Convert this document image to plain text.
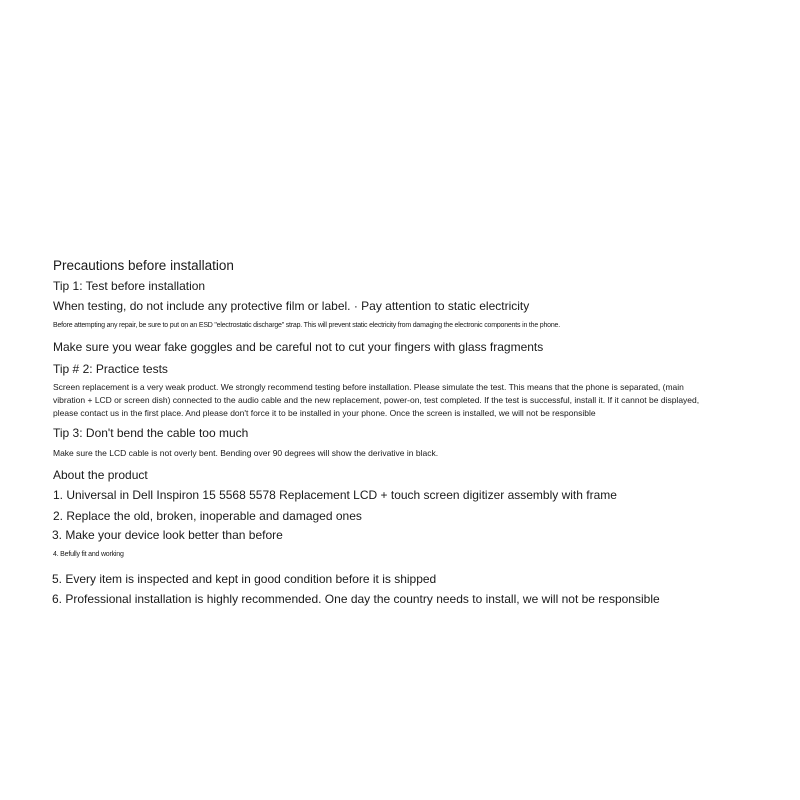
Precautions before installation
Tip 1: Test before installation
When testing, do not include any protective film or label. · Pay attention to static electricity
Before attempting any repair, be sure to put on an ESD "electrostatic discharge" strap. This will prevent static electricity from damaging the electronic components in the phone.
Make sure you wear fake goggles and be careful not to cut your fingers with glass fragments
Tip # 2: Practice tests
Screen replacement is a very weak product. We strongly recommend testing before installation. Please simulate the test. This means that the phone is separated, (main vibration + LCD or screen dish) connected to the audio cable and the new replacement, power-on, test completed. If the test is successful, install it. If it cannot be displayed, please contact us in the first place. And please don't force it to be installed in your phone. Once the screen is installed, we will not be responsible
Tip 3: Don't bend the cable too much
Make sure the LCD cable is not overly bent. Bending over 90 degrees will show the derivative in black.
About the product
1. Universal in Dell Inspiron 15 5568 5578 Replacement LCD + touch screen digitizer assembly with frame
2. Replace the old, broken, inoperable and damaged ones
3. Make your device look better than before
4. Befully fit and working
5. Every item is inspected and kept in good condition before it is shipped
6. Professional installation is highly recommended. One day the country needs to install, we will not be responsible
